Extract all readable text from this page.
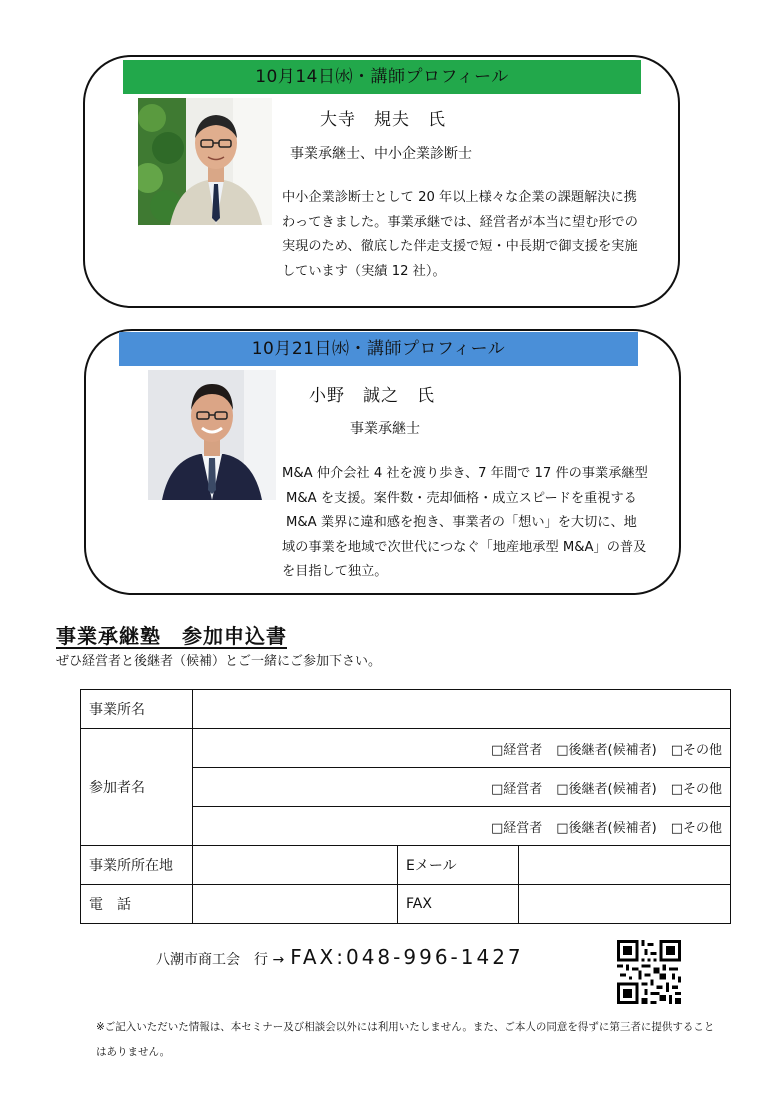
10月14日㈬・講師プロフィール
大寺　規夫　氏
事業承継士、中小企業診断士
中小企業診断士として 20 年以上様々な企業の課題解決に携
わってきました。事業承継では、経営者が本当に望む形での
実現のため、徹底した伴走支援で短・中長期で御支援を実施
しています（実績 12 社）。
10月21日㈬・講師プロフィール
小野　誠之　氏
事業承継士
M&A 仲介会社 4 社を渡り歩き、7 年間で 17 件の事業承継型
M&A を支援。案件数・売却価格・成立スピードを重視する
M&A 業界に違和感を抱き、事業者の「想い」を大切に、地
域の事業を地域で次世代につなぐ「地産地承型 M&A」の普及
を目指して独立。
事業承継塾　参加申込書
ぜひ経営者と後継者（候補）とご一緒にご参加下さい。
事業所名			
参加者名	□経営者 □後継者(候補者) □その他		
	□経営者 □後継者(候補者) □その他		
	□経営者 □後継者(候補者) □その他		
事業所所在地		Eメール	
電　話		FAX	
八潮市商工会　行 → FAX:048-996-1427

※ご記入いただいた情報は、本セミナー及び相談会以外には利用いたしません。また、ご本人の同意を得ずに第三者に提供することはありません。
